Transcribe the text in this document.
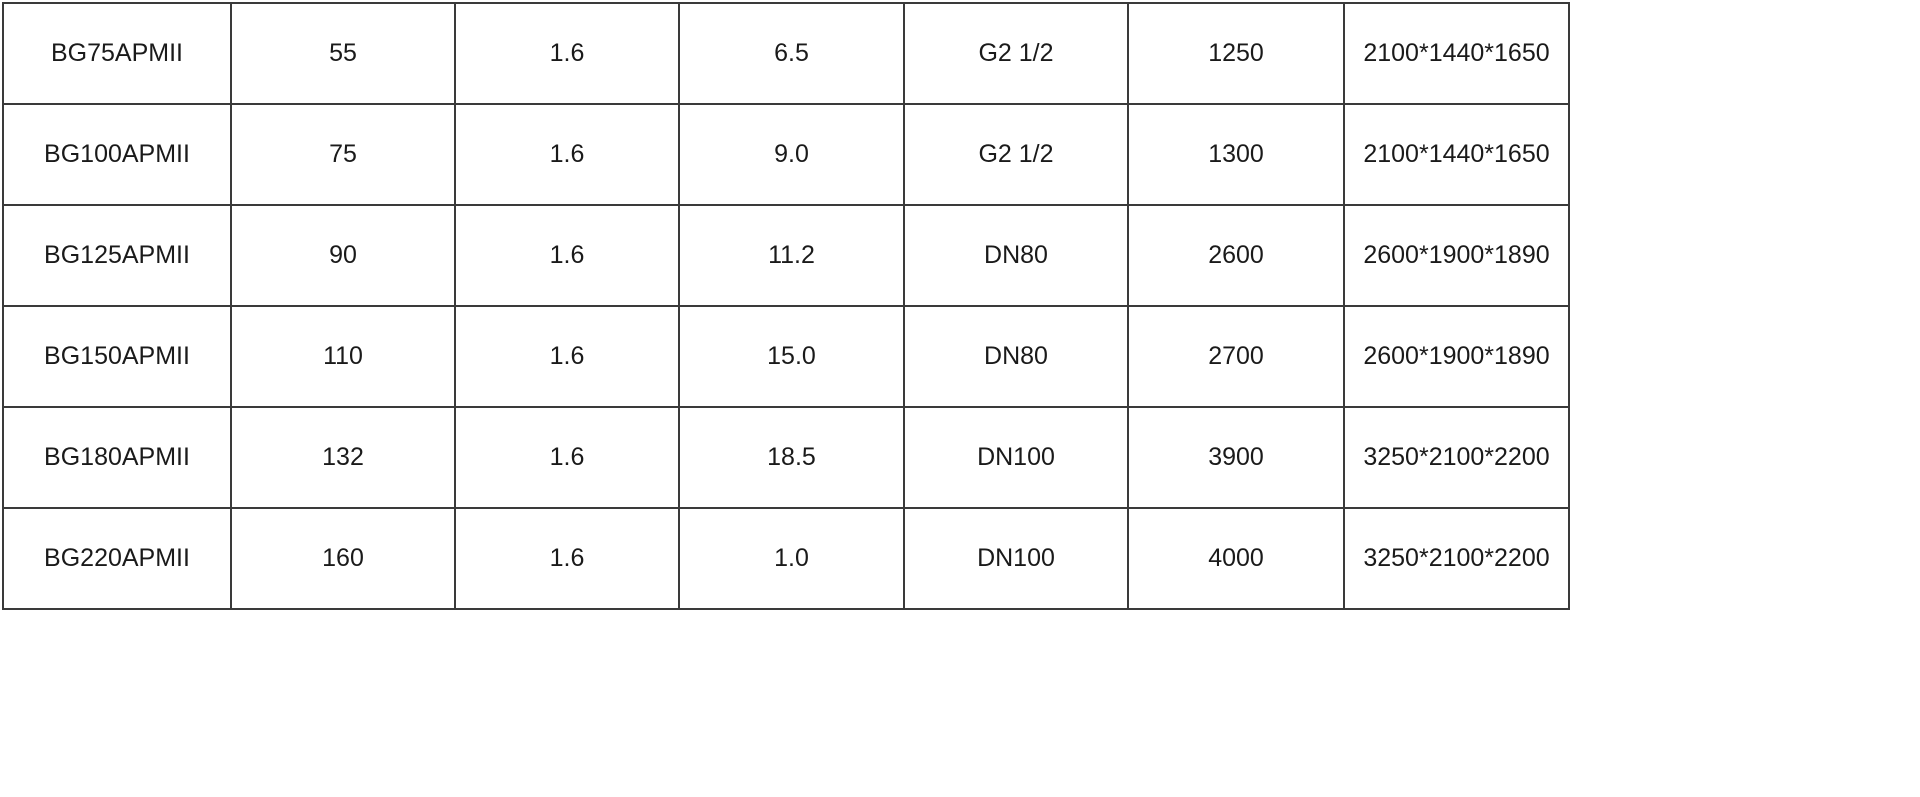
BG75APMII	55	1.6	6.5	G2 1/2	1250	2100*1440*1650
BG100APMII	75	1.6	9.0	G2 1/2	1300	2100*1440*1650
BG125APMII	90	1.6	11.2	DN80	2600	2600*1900*1890
BG150APMII	110	1.6	15.0	DN80	2700	2600*1900*1890
BG180APMII	132	1.6	18.5	DN100	3900	3250*2100*2200
BG220APMII	160	1.6	1.0	DN100	4000	3250*2100*2200
